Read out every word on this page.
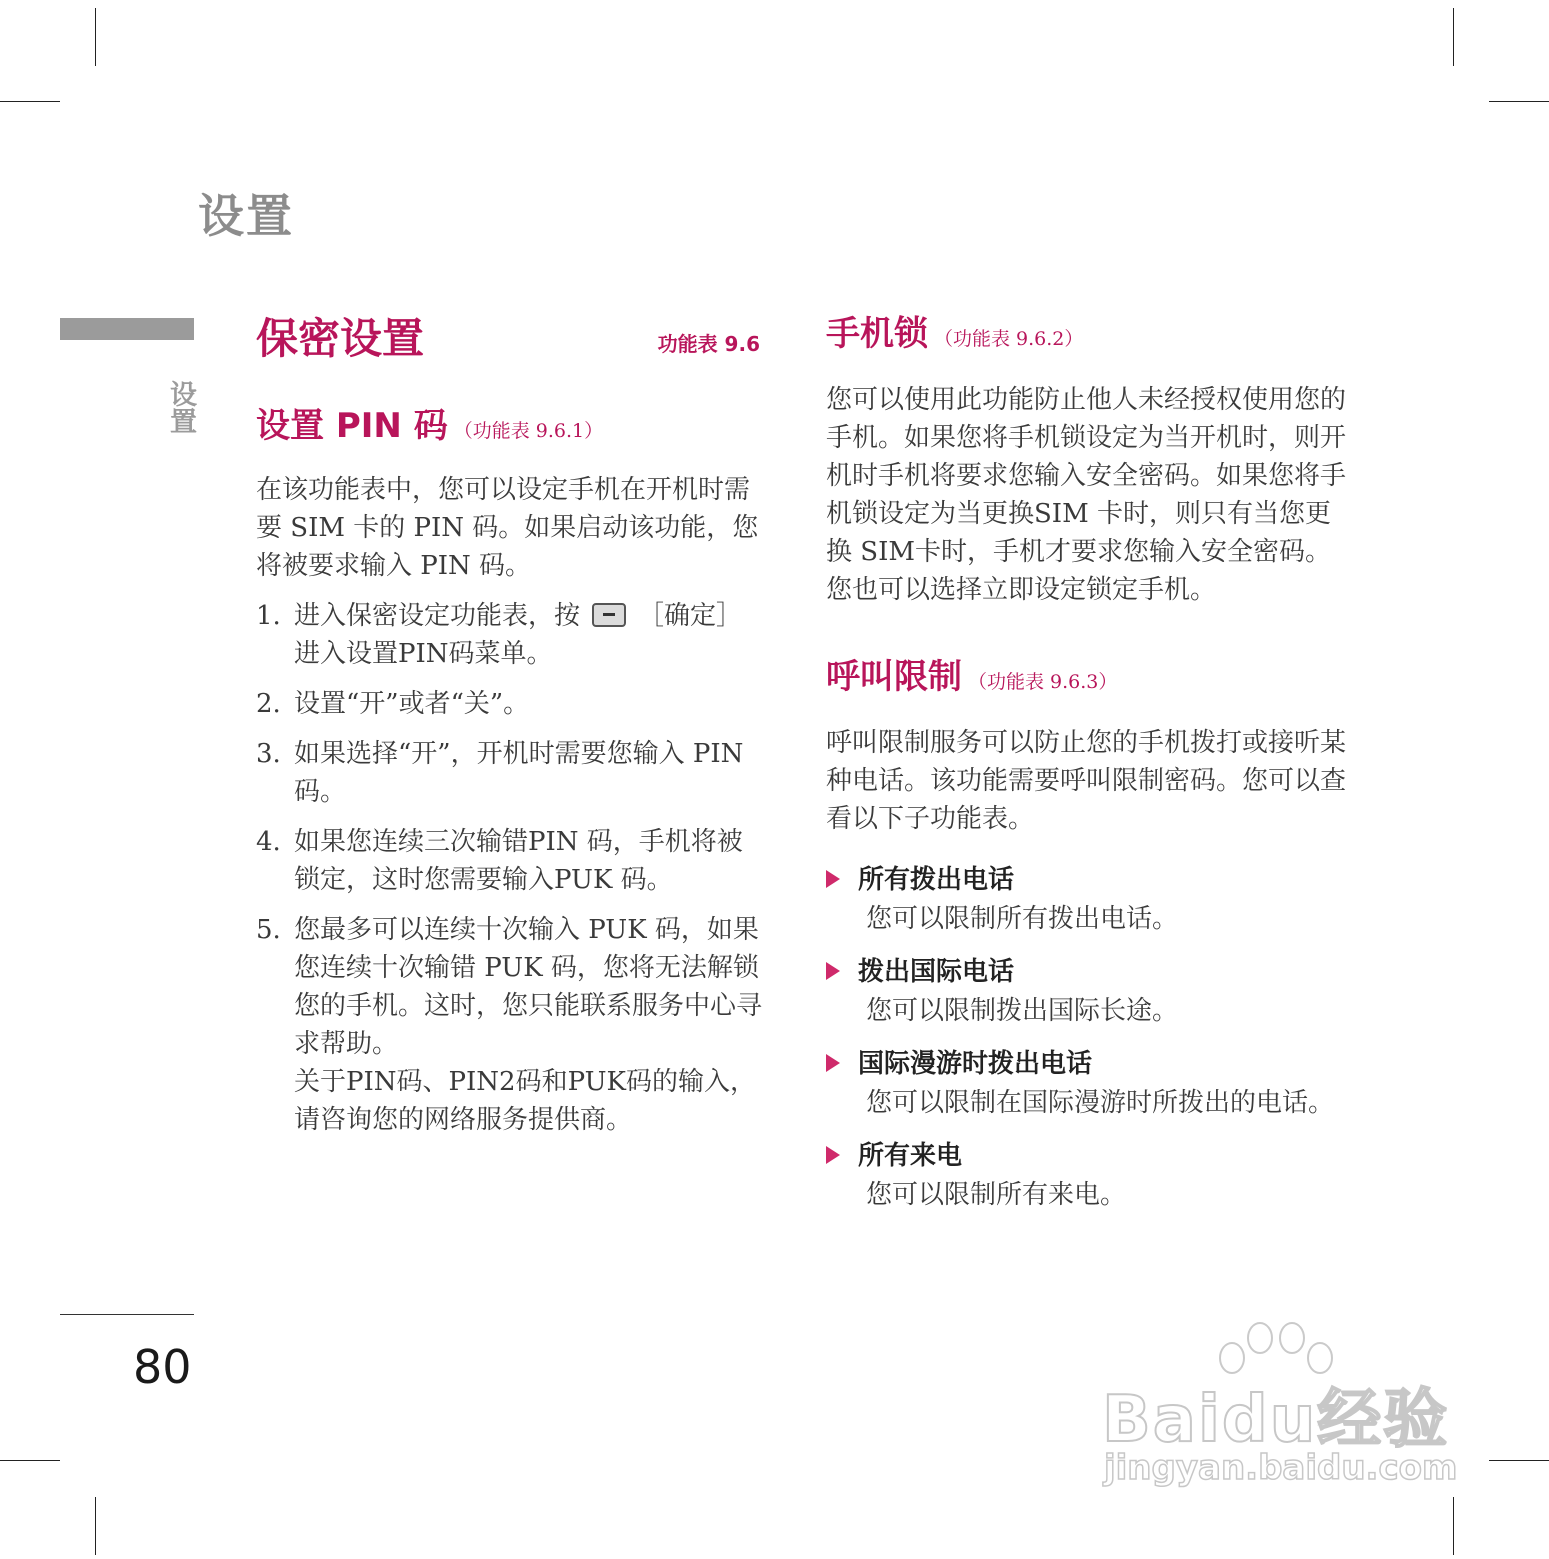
设置
设置
80
保密设置	功能表 9.6
设置 PIN 码 （功能表 9.6.1）

在该功能表中，您可以设定手机在开机时需要 SIM 卡的 PIN 码。如果启动该功能，您将被要求输入 PIN 码。

1. 进入保密设定功能表，按 ［确定］进入设置PIN码菜单。
2. 设置“开”或者“关”。
3. 如果选择“开”，开机时需要您输入 PIN 码。
4. 如果您连续三次输错PIN 码，手机将被锁定，这时您需要输入PUK 码。
5. 您最多可以连续十次输入 PUK 码，如果您连续十次输错 PUK 码，您将无法解锁您的手机。这时，您只能联系服务中心寻求帮助。
关于PIN码、PIN2码和PUK码的输入，请咨询您的网络服务提供商。
手机锁 （功能表 9.6.2）

您可以使用此功能防止他人未经授权使用您的手机。如果您将手机锁设定为当开机时，则开机时手机将要求您输入安全密码。如果您将手机锁设定为当更换SIM 卡时，则只有当您更换 SIM卡时，手机才要求您输入安全密码。您也可以选择立即设定锁定手机。

呼叫限制 （功能表 9.6.3）

呼叫限制服务可以防止您的手机拨打或接听某种电话。该功能需要呼叫限制密码。您可以查看以下子功能表。

所有拨出电话
您可以限制所有拨出电话。
拨出国际电话
您可以限制拨出国际长途。
国际漫游时拨出电话
您可以限制在国际漫游时所拨出的电话。
所有来电
您可以限制所有来电。
Baidu经验
jingyan.baidu.com
